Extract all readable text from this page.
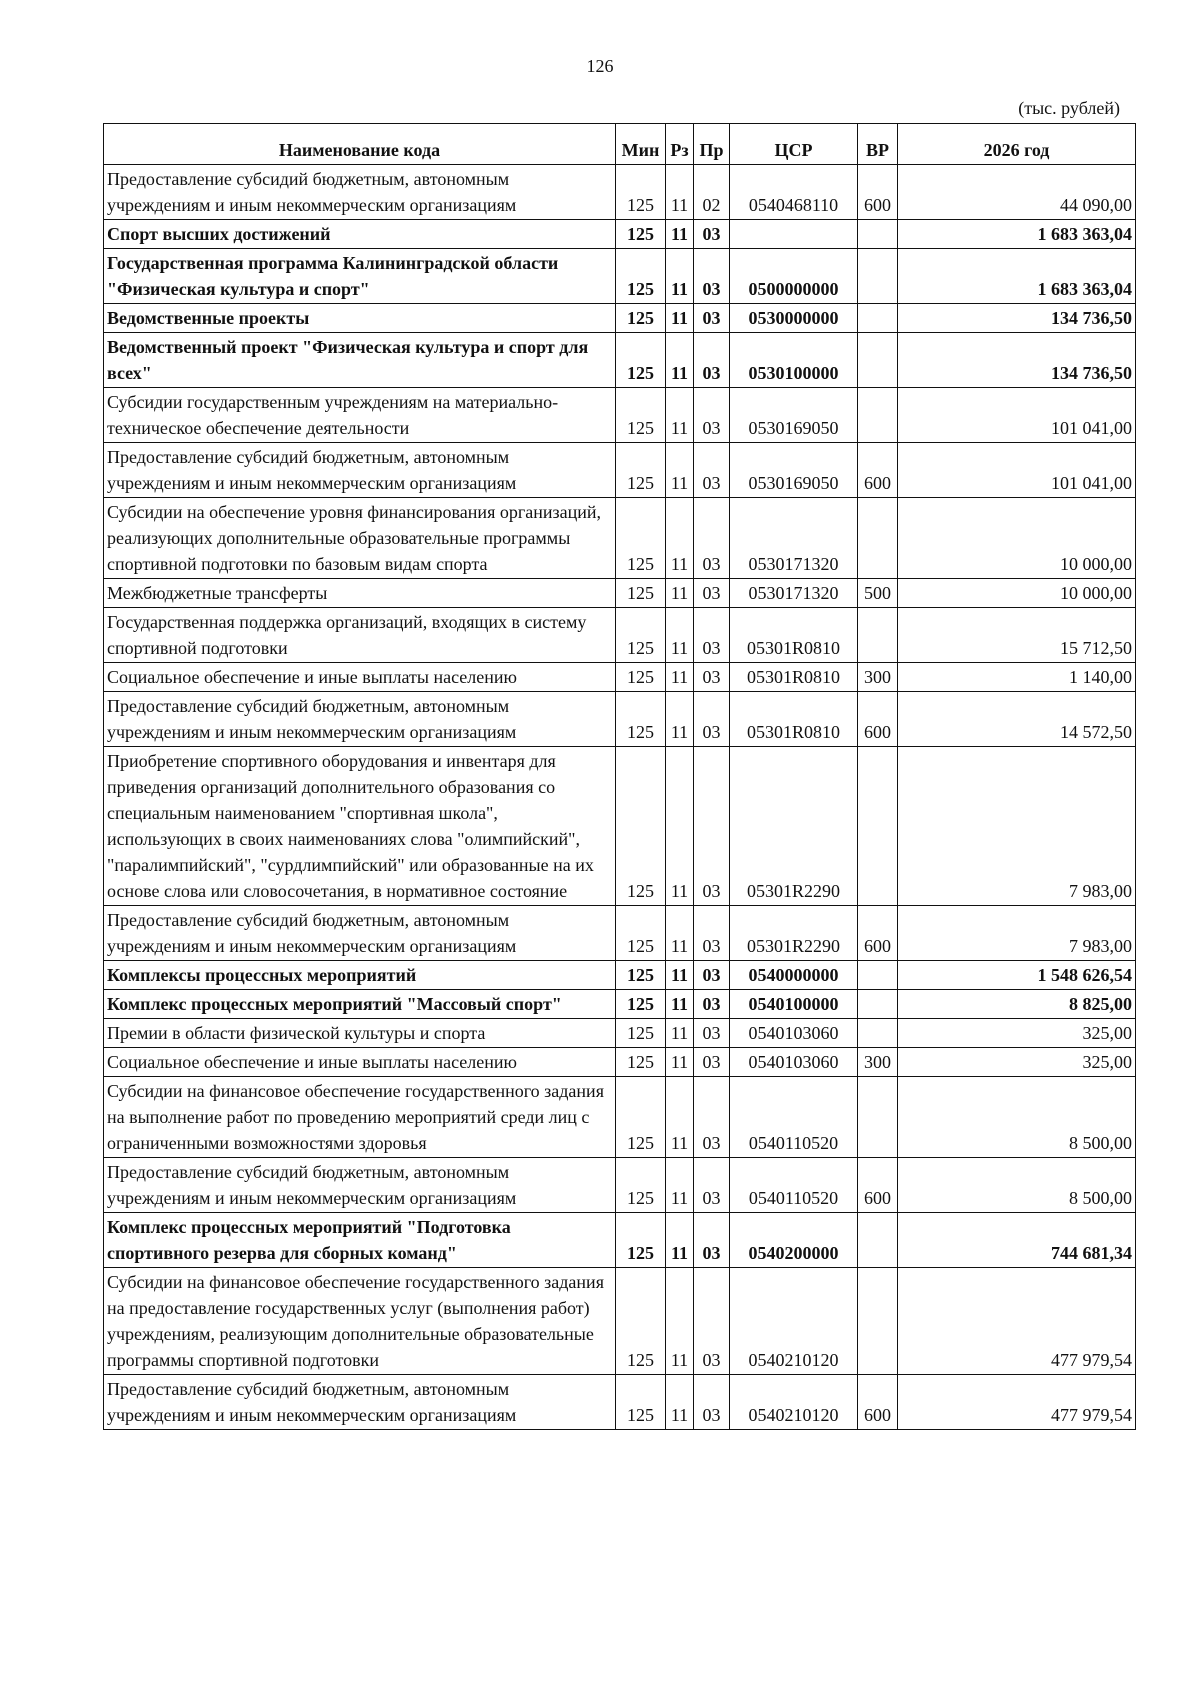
126
(тыс. рублей)
Наименование кода	Мин	Рз	Пр	ЦСР	ВР	2026 год
Предоставление субсидий бюджетным, автономным учреждениям и иным некоммерческим организациям	125	11	02	0540468110	600	44 090,00
Спорт высших достижений	125	11	03			1 683 363,04
Государственная программа Калининградской области "Физическая культура и спорт"	125	11	03	0500000000		1 683 363,04
Ведомственные проекты	125	11	03	0530000000		134 736,50
Ведомственный проект "Физическая культура и спорт для всех"	125	11	03	0530100000		134 736,50
Субсидии государственным учреждениям на материально-техническое обеспечение деятельности	125	11	03	0530169050		101 041,00
Предоставление субсидий бюджетным, автономным учреждениям и иным некоммерческим организациям	125	11	03	0530169050	600	101 041,00
Субсидии на обеспечение уровня финансирования организаций, реализующих дополнительные образовательные программы спортивной подготовки по базовым видам спорта	125	11	03	0530171320		10 000,00
Межбюджетные трансферты	125	11	03	0530171320	500	10 000,00
Государственная поддержка организаций, входящих в систему спортивной подготовки	125	11	03	05301R0810		15 712,50
Социальное обеспечение и иные выплаты населению	125	11	03	05301R0810	300	1 140,00
Предоставление субсидий бюджетным, автономным учреждениям и иным некоммерческим организациям	125	11	03	05301R0810	600	14 572,50
Приобретение спортивного оборудования и инвентаря для приведения организаций дополнительного образования со специальным наименованием "спортивная школа", использующих в своих наименованиях слова "олимпийский", "паралимпийский", "сурдлимпийский" или образованные на их основе слова или словосочетания, в нормативное состояние	125	11	03	05301R2290		7 983,00
Предоставление субсидий бюджетным, автономным учреждениям и иным некоммерческим организациям	125	11	03	05301R2290	600	7 983,00
Комплексы процессных мероприятий	125	11	03	0540000000		1 548 626,54
Комплекс процессных мероприятий "Массовый спорт"	125	11	03	0540100000		8 825,00
Премии в области физической культуры и спорта	125	11	03	0540103060		325,00
Социальное обеспечение и иные выплаты населению	125	11	03	0540103060	300	325,00
Субсидии на финансовое обеспечение государственного задания на выполнение работ по проведению мероприятий среди лиц с ограниченными возможностями здоровья	125	11	03	0540110520		8 500,00
Предоставление субсидий бюджетным, автономным учреждениям и иным некоммерческим организациям	125	11	03	0540110520	600	8 500,00
Комплекс процессных мероприятий "Подготовка спортивного резерва для сборных команд"	125	11	03	0540200000		744 681,34
Субсидии на финансовое обеспечение государственного задания на предоставление государственных услуг (выполнения работ) учреждениям, реализующим дополнительные образовательные программы спортивной подготовки	125	11	03	0540210120		477 979,54
Предоставление субсидий бюджетным, автономным учреждениям и иным некоммерческим организациям	125	11	03	0540210120	600	477 979,54
